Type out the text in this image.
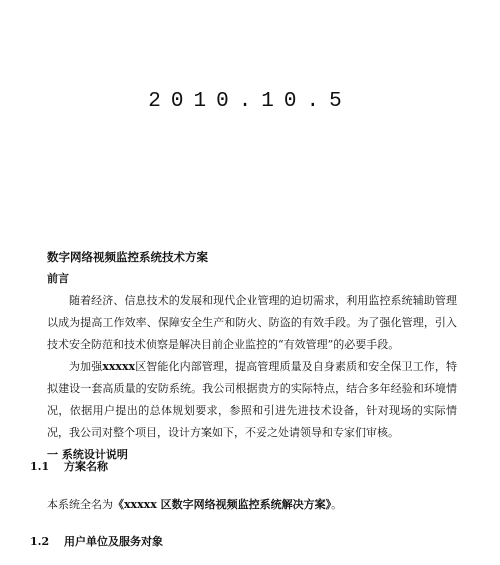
2010.10.5

数字网络视频监控系统技术方案

前言

随着经济、信息技术的发展和现代企业管理的迫切需求，利用监控系统辅助管理以成为提高工作效率、保障安全生产和防火、防盗的有效手段。为了强化管理，引入技术安全防范和技术侦察是解决目前企业监控的“有效管理”的必要手段。

为加强xxxxx区智能化内部管理，提高管理质量及自身素质和安全保卫工作，特拟建设一套高质量的安防系统。我公司根据贵方的实际特点，结合多年经验和环境情况，依据用户提出的总体规划要求，参照和引进先进技术设备，针对现场的实际情况，我公司对整个项目，设计方案如下，不妥之处请领导和专家们审核。

一 系统设计说明

1.1 方案名称
本系统全名为《xxxxx 区数字网络视频监控系统解决方案》。
1.2 用户单位及服务对象
